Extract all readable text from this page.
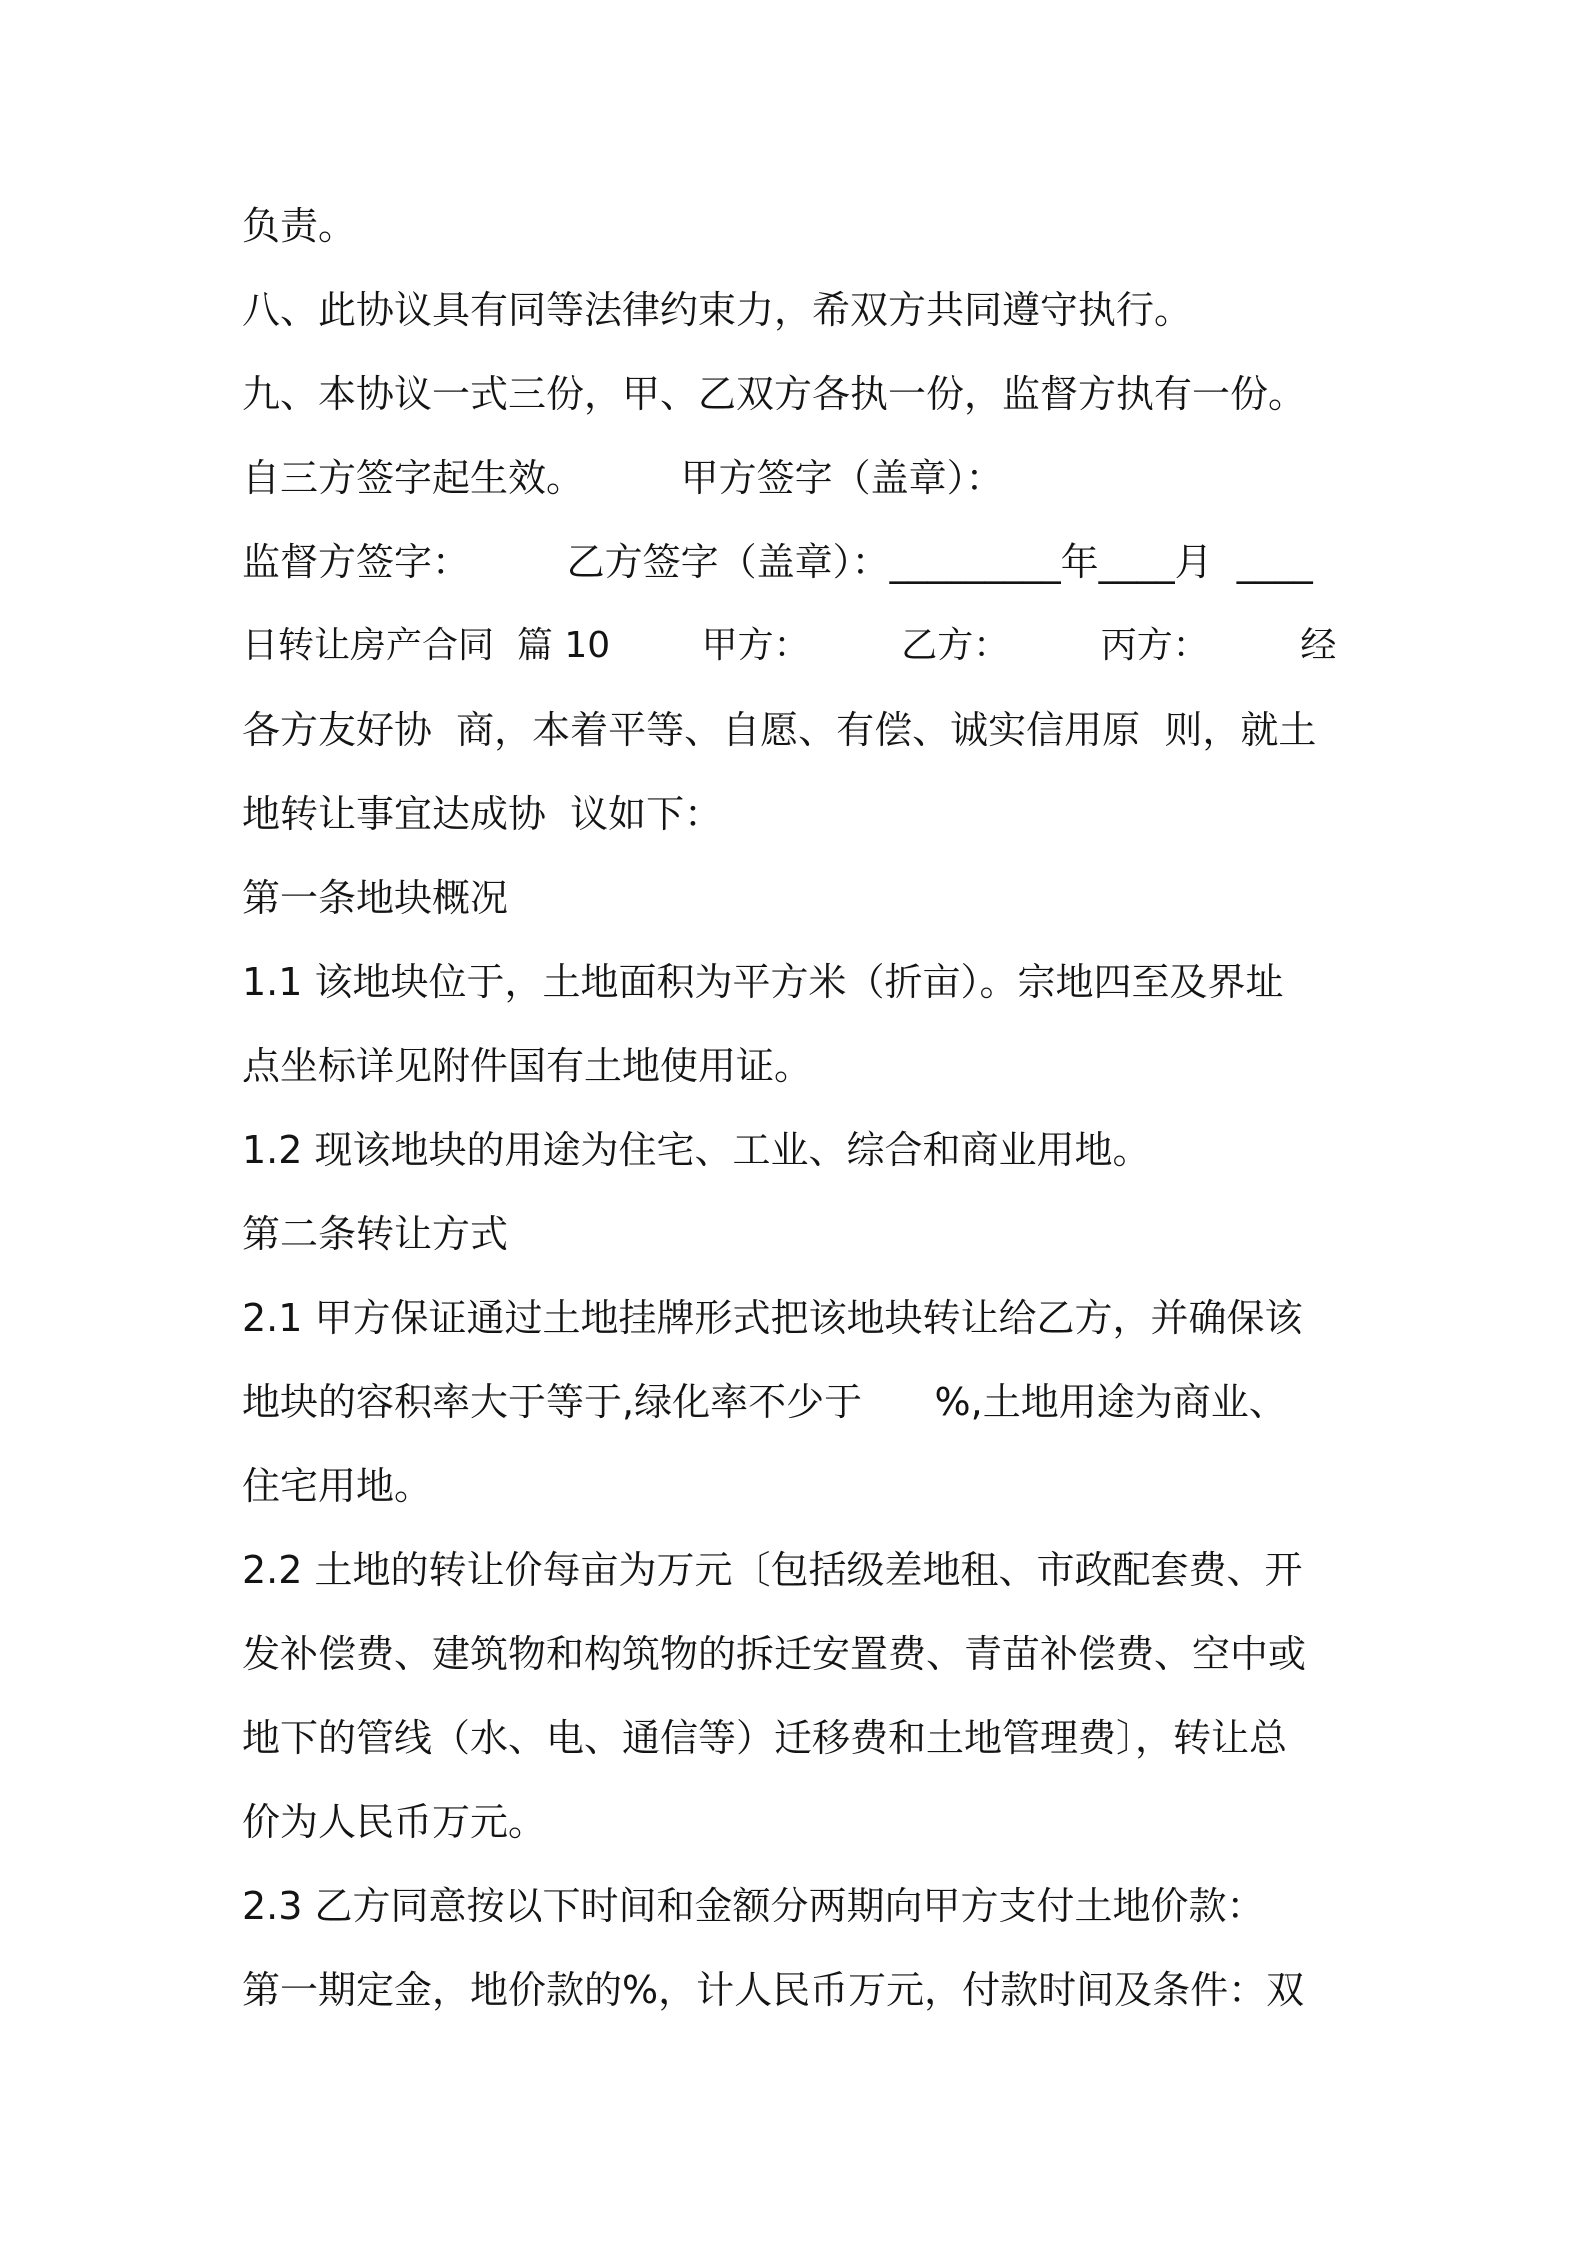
负责。
八、此协议具有同等法律约束力，希双方共同遵守执行。
九、本协议一式三份，甲、乙双方各执一份，监督方执有一份。
自三方签字起生效。        甲方签字（盖章）：
监督方签字：        乙方签字（盖章）：_________年____月  ____
日转让房产合同  篇 10        甲方：        乙方：        丙方：        经
各方友好协  商，本着平等、自愿、有偿、诚实信用原  则，就土
地转让事宜达成协  议如下：
第一条地块概况
1.1 该地块位于，土地面积为平方米（折亩）。宗地四至及界址
点坐标详见附件国有土地使用证。
1.2 现该地块的用途为住宅、工业、综合和商业用地。
第二条转让方式
2.1 甲方保证通过土地挂牌形式把该地块转让给乙方，并确保该
地块的容积率大于等于,绿化率不少于      %,土地用途为商业、
住宅用地。
2.2 土地的转让价每亩为万元〔包括级差地租、市政配套费、开
发补偿费、建筑物和构筑物的拆迁安置费、青苗补偿费、空中或
地下的管线（水、电、通信等）迁移费和土地管理费〕，转让总
价为人民币万元。
2.3 乙方同意按以下时间和金额分两期向甲方支付土地价款：
第一期定金，地价款的%，计人民币万元，付款时间及条件：双
